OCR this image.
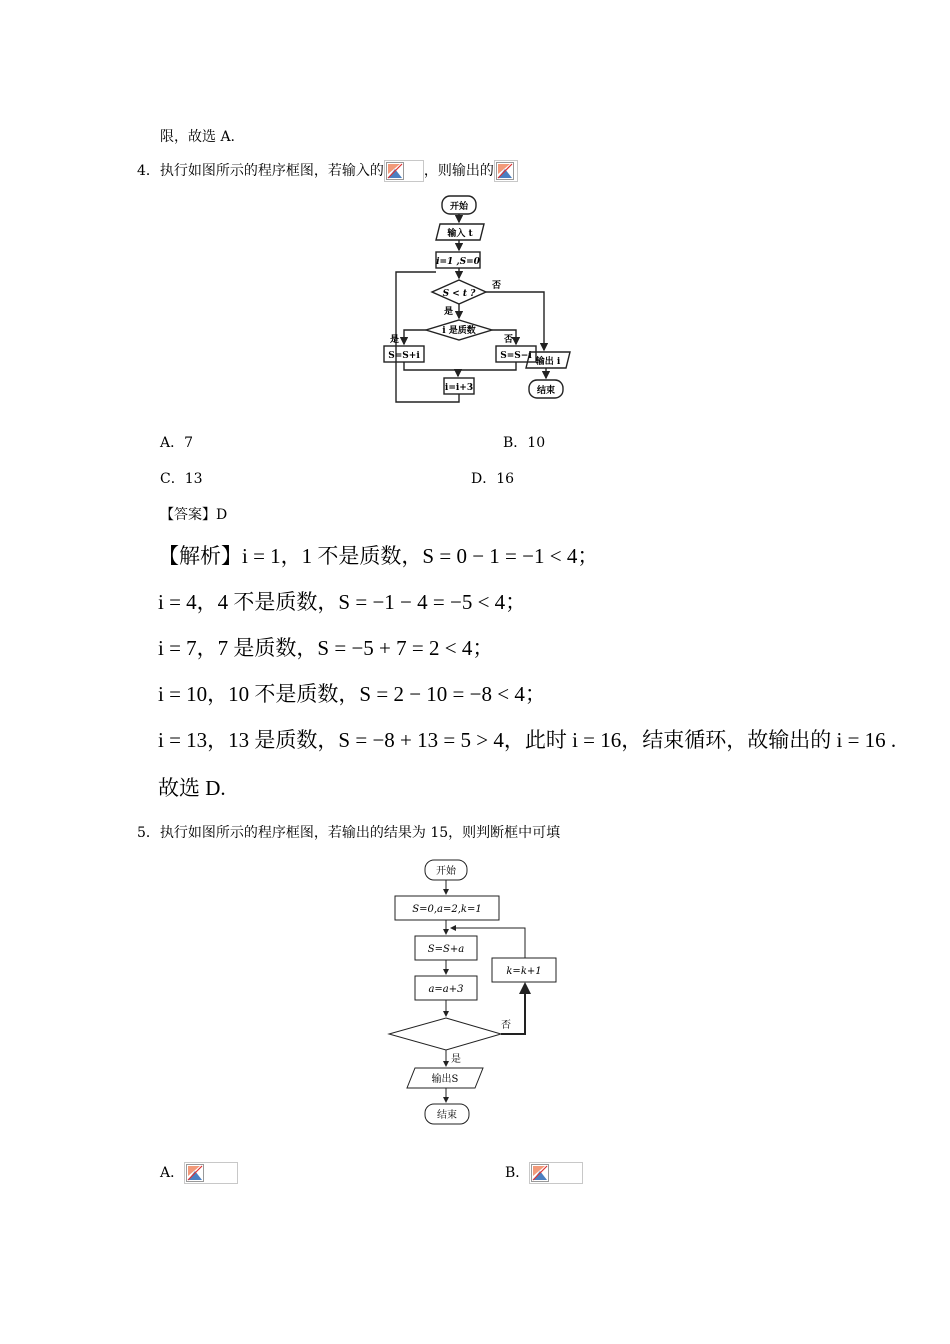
限，故选 A.
4．执行如图所示的程序框图，若输入的	，则输出的
开始
输入 t
i=1 ,S=0
S < t ?
否
是
i 是质数
是	否
S=S+i	S=S−i
i=i+3
输出 i
结束
A．7	B．10
C．13	D．16
【答案】D
【解析】i = 1，1 不是质数，S = 0 − 1 = −1 < 4；
i = 4，4 不是质数，S = −1 − 4 = −5 < 4；
i = 7，7 是质数，S = −5 + 7 = 2 < 4；
i = 10，10 不是质数，S = 2 − 10 = −8 < 4；
i = 13，13 是质数，S = −8 + 13 = 5 > 4，此时 i = 16，结束循环，故输出的 i = 16 .
故选 D.
5．执行如图所示的程序框图，若输出的结果为 15，则判断框中可填
开始
S=0,a=2,k=1
S=S+a
a=a+3
k=k+1
否
是
输出S
结束
A．	B．
